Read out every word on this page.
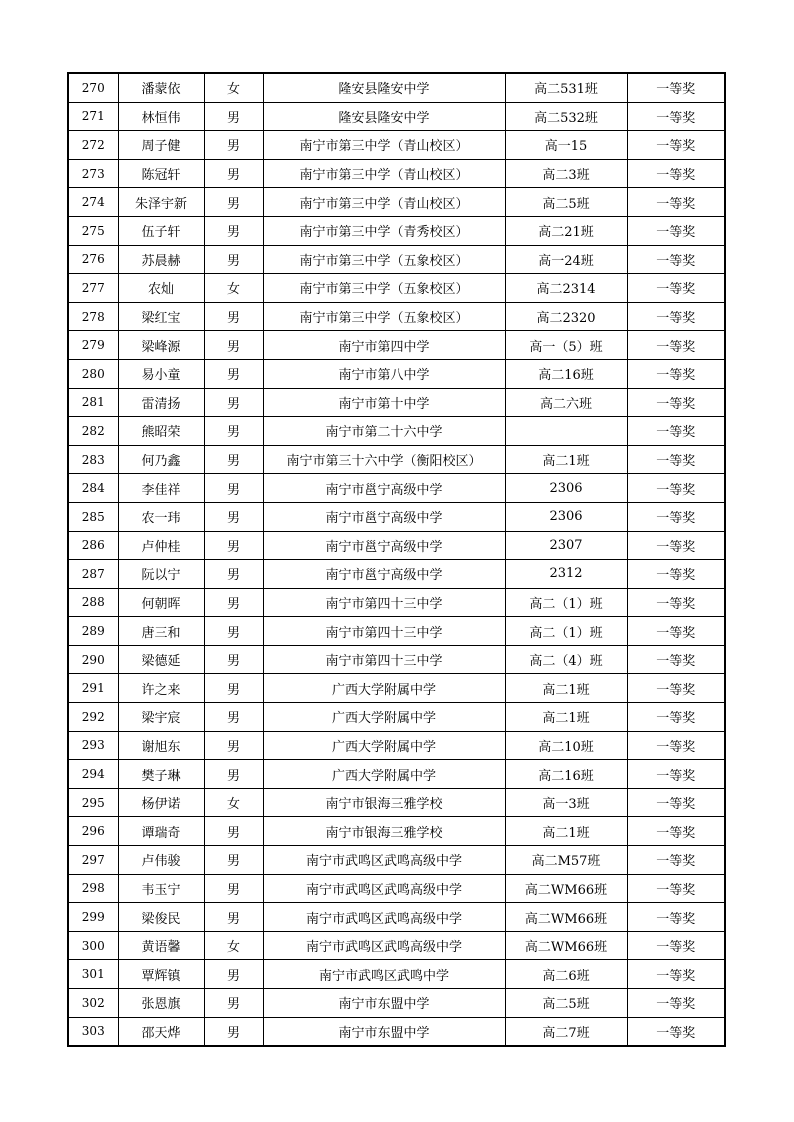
270	潘蒙依	女	隆安县隆安中学	高二531班	一等奖
271	林恒伟	男	隆安县隆安中学	高二532班	一等奖
272	周子健	男	南宁市第三中学（青山校区）	高一15	一等奖
273	陈冠轩	男	南宁市第三中学（青山校区）	高二3班	一等奖
274	朱泽宇新	男	南宁市第三中学（青山校区）	高二5班	一等奖
275	伍子轩	男	南宁市第三中学（青秀校区）	高二21班	一等奖
276	苏晨赫	男	南宁市第三中学（五象校区）	高一24班	一等奖
277	农灿	女	南宁市第三中学（五象校区）	高二2314	一等奖
278	梁红宝	男	南宁市第三中学（五象校区）	高二2320	一等奖
279	梁峰源	男	南宁市第四中学	高一（5）班	一等奖
280	易小童	男	南宁市第八中学	高二16班	一等奖
281	雷清扬	男	南宁市第十中学	高二六班	一等奖
282	熊昭荣	男	南宁市第二十六中学		一等奖
283	何乃鑫	男	南宁市第三十六中学（衡阳校区）	高二1班	一等奖
284	李佳祥	男	南宁市邕宁高级中学	2306	一等奖
285	农一玮	男	南宁市邕宁高级中学	2306	一等奖
286	卢仲桂	男	南宁市邕宁高级中学	2307	一等奖
287	阮以宁	男	南宁市邕宁高级中学	2312	一等奖
288	何朝晖	男	南宁市第四十三中学	高二（1）班	一等奖
289	唐三和	男	南宁市第四十三中学	高二（1）班	一等奖
290	梁德延	男	南宁市第四十三中学	高二（4）班	一等奖
291	许之来	男	广西大学附属中学	高二1班	一等奖
292	梁宇宸	男	广西大学附属中学	高二1班	一等奖
293	谢旭东	男	广西大学附属中学	高二10班	一等奖
294	樊子琳	男	广西大学附属中学	高二16班	一等奖
295	杨伊诺	女	南宁市银海三雅学校	高一3班	一等奖
296	谭瑞奇	男	南宁市银海三雅学校	高二1班	一等奖
297	卢伟骏	男	南宁市武鸣区武鸣高级中学	高二M57班	一等奖
298	韦玉宁	男	南宁市武鸣区武鸣高级中学	高二WM66班	一等奖
299	梁俊民	男	南宁市武鸣区武鸣高级中学	高二WM66班	一等奖
300	黄语馨	女	南宁市武鸣区武鸣高级中学	高二WM66班	一等奖
301	覃辉镇	男	南宁市武鸣区武鸣中学	高二6班	一等奖
302	张恩旗	男	南宁市东盟中学	高二5班	一等奖
303	邵天烨	男	南宁市东盟中学	高二7班	一等奖
